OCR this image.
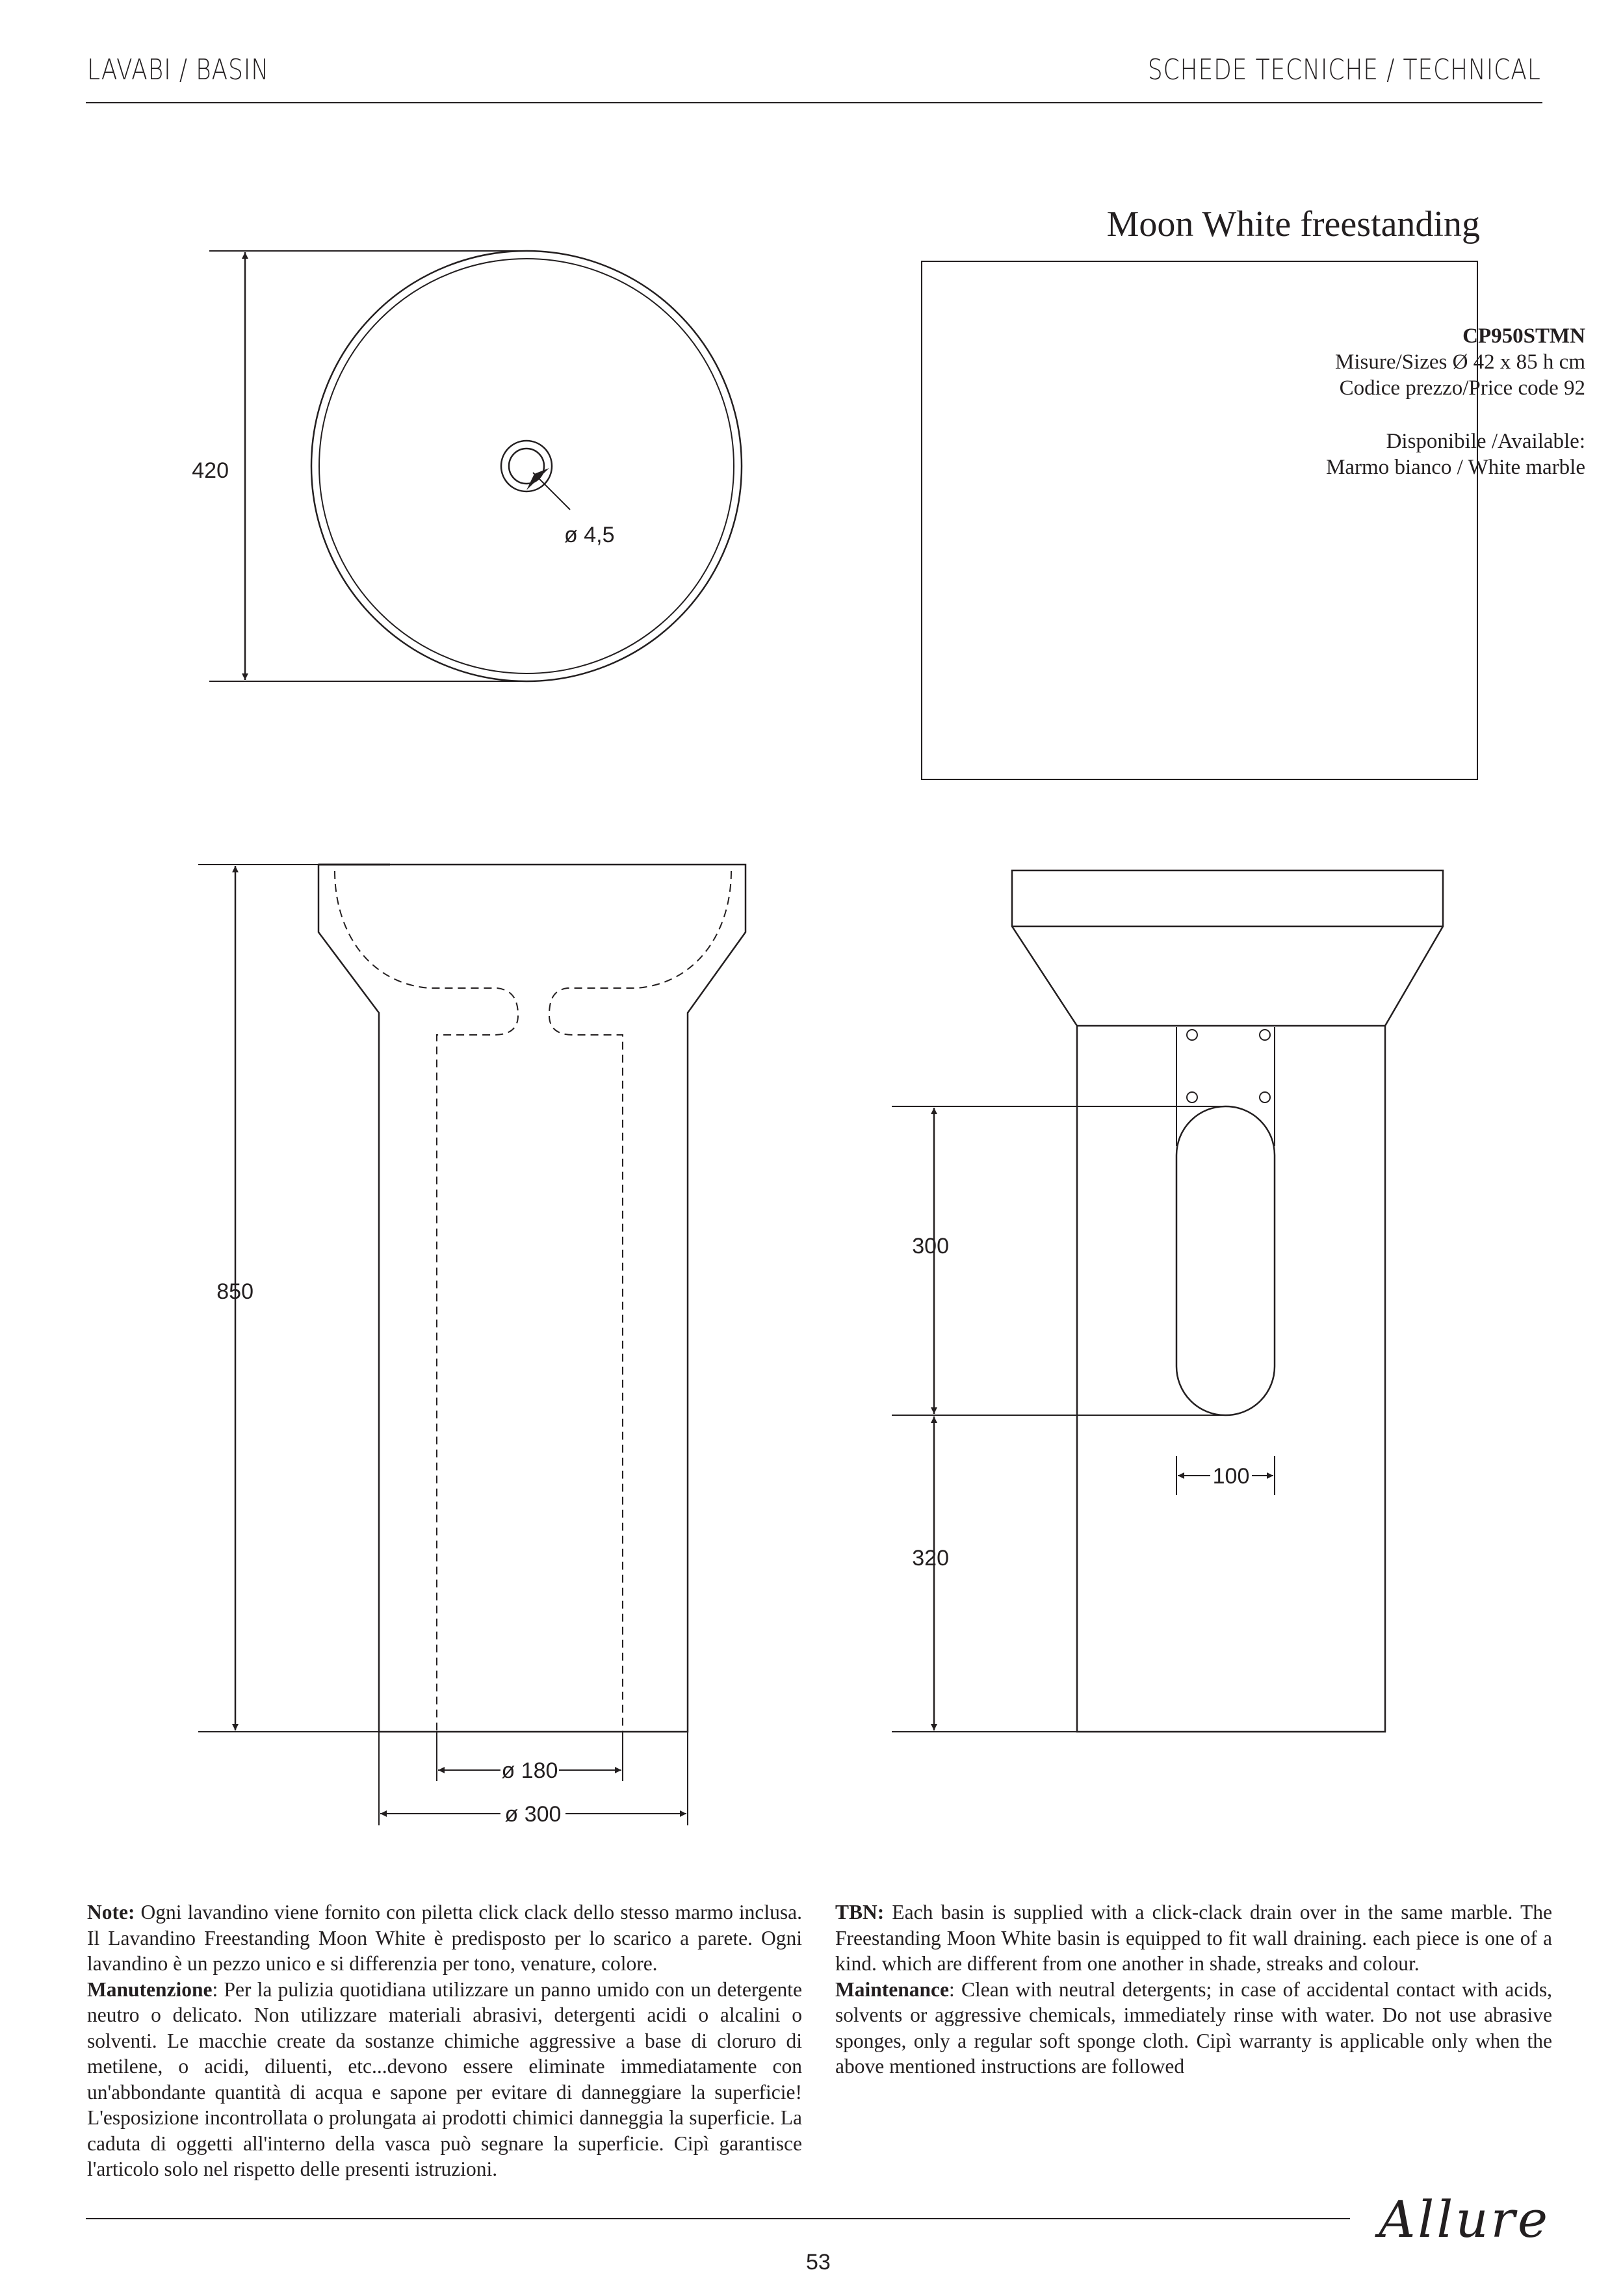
LAVABI / BASIN	SCHEDE TECNICHE / TECHNICAL
Moon White freestanding
CP950STMN
Misure/Sizes Ø 42 x 85 h cm
Codice prezzo/Price code 92
Disponibile /Available:
Marmo bianco / White marble
420
ø 4,5
850
ø 180
ø 300
300
320
100

Note: Ogni lavandino viene fornito con piletta click clack dello stesso marmo inclusa. Il Lavandino Freestanding Moon White è predisposto per lo scarico a parete. Ogni lavandino è un pezzo unico e si differenzia per tono, venature, colore.

Manutenzione: Per la pulizia quotidiana utilizzare un panno umido con un detergente neutro o delicato. Non utilizzare materiali abrasivi, detergenti acidi o alcalini o solventi. Le macchie create da sostanze chimiche aggressive a base di cloruro di metilene, o acidi, diluenti, etc...devono essere eliminate immediatamente con un'abbondante quantità di acqua e sapone per evitare di danneggiare la superficie! L'esposizione incontrollata o prolungata ai prodotti chimici danneggia la superficie. La caduta di oggetti all'interno della vasca può segnare la superficie. Cipì garantisce l'articolo solo nel rispetto delle presenti istruzioni.

TBN: Each basin is supplied with a click-clack drain over in the same marble. The Freestanding Moon White basin is equipped to fit wall draining. each piece is one of a kind. which are different from one another in shade, streaks and colour.

Maintenance: Clean with neutral detergents; in case of accidental contact with acids, solvents or aggressive chemicals, immediately rinse with water. Do not use abrasive sponges, only a regular soft sponge cloth. Cipì warranty is applicable only when the above mentioned instructions are followed

Allure
53
